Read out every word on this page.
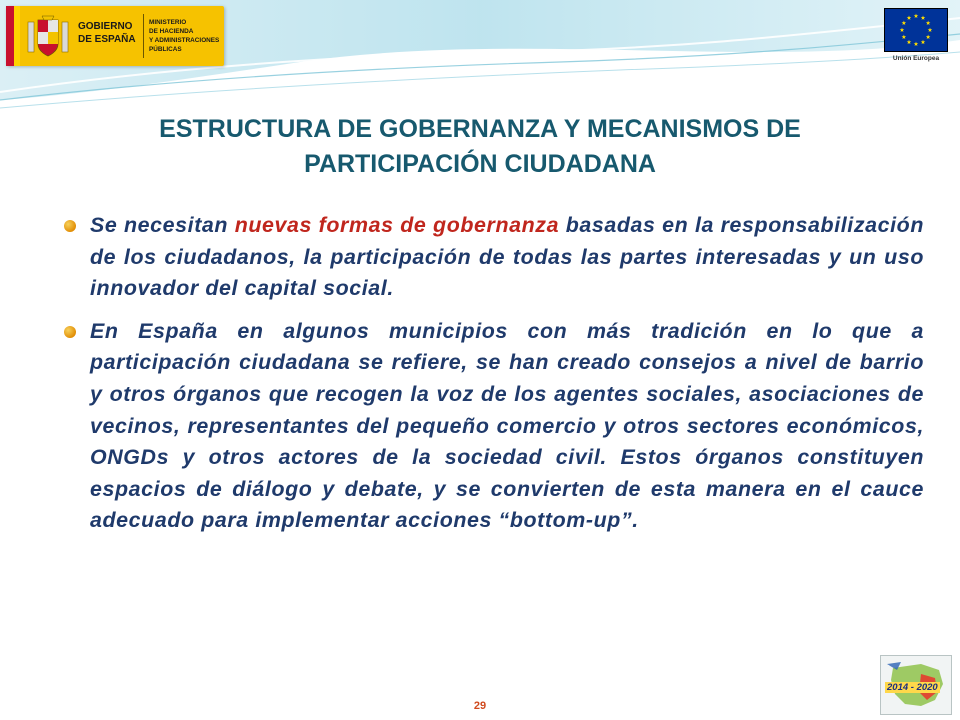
GOBIERNO
DE ESPAÑA
MINISTERIO
DE HACIENDA
Y ADMINISTRACIONES
PÚBLICAS
Unión Europea
ESTRUCTURA DE GOBERNANZA Y MECANISMOS DE
PARTICIPACIÓN CIUDADANA
Se necesitan nuevas formas de gobernanza basadas en la responsabilización de los ciudadanos, la participación de todas las partes interesadas y un uso innovador del capital social.
En España en algunos municipios con más tradición en lo que a participación ciudadana se refiere, se han creado consejos a nivel de barrio y otros órganos que recogen la voz de los agentes sociales, asociaciones de vecinos, representantes del pequeño comercio y otros sectores económicos, ONGDs y otros actores de la sociedad civil. Estos órganos constituyen espacios de diálogo y debate, y se convierten de esta manera en el cauce adecuado para implementar acciones “bottom-up”.
29
2014 - 2020
